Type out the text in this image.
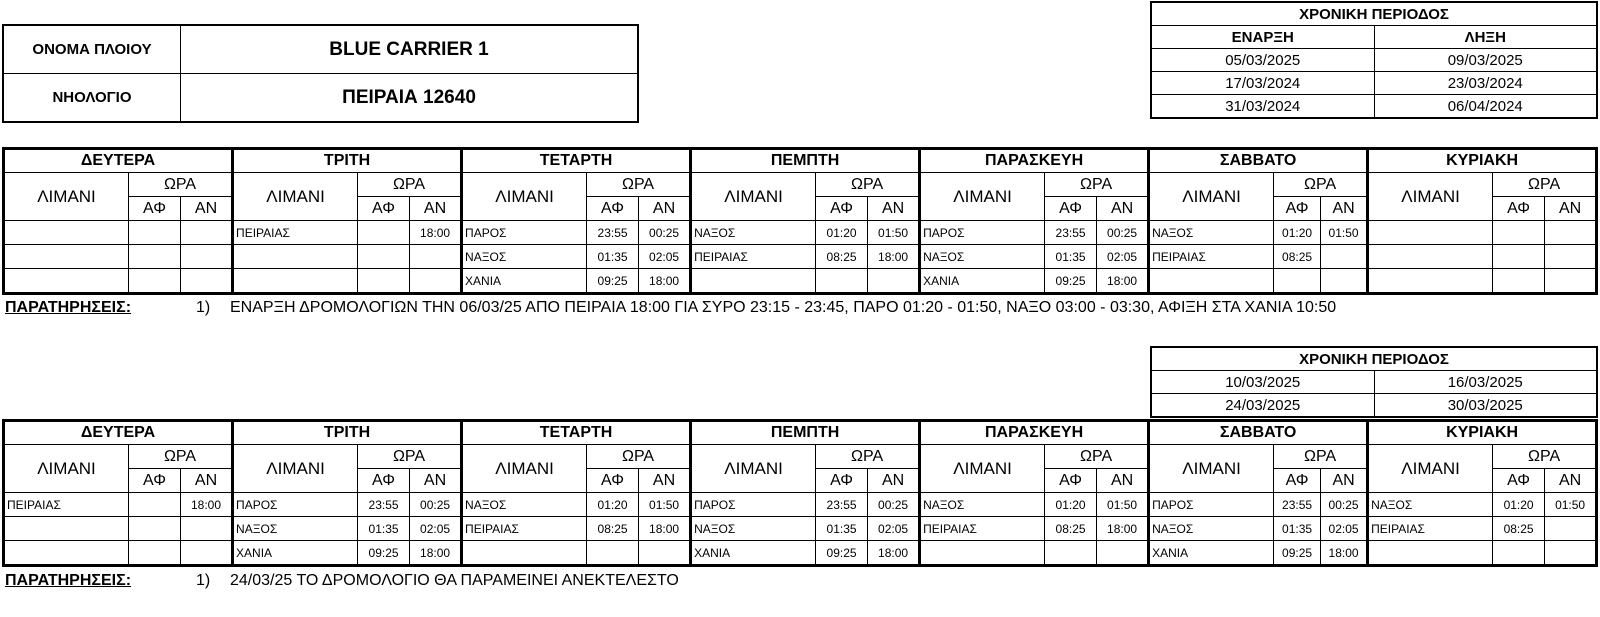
ΟΝΟΜΑ ΠΛΟΙΟΥ	BLUE CARRIER 1
ΝΗΟΛΟΓΙΟ	ΠΕΙΡΑΙΑ 12640
ΧΡΟΝΙΚΗ ΠΕΡΙΟΔΟΣ	
ΕΝΑΡΞΗ	ΛΗΞΗ
05/03/2025	09/03/2025
17/03/2024	23/03/2024
31/03/2024	06/04/2024
ΔΕΥΤΕΡΑ			ΤΡΙΤΗ			ΤΕΤΑΡΤΗ			ΠΕΜΠΤΗ			ΠΑΡΑΣΚΕΥΗ			ΣΑΒΒΑΤΟ			ΚΥΡΙΑΚΗ		
ΛΙΜΑΝΙ	ΩΡΑ		ΛΙΜΑΝΙ	ΩΡΑ		ΛΙΜΑΝΙ	ΩΡΑ		ΛΙΜΑΝΙ	ΩΡΑ		ΛΙΜΑΝΙ	ΩΡΑ		ΛΙΜΑΝΙ	ΩΡΑ		ΛΙΜΑΝΙ	ΩΡΑ	
	ΑΦ	ΑΝ		ΑΦ	ΑΝ		ΑΦ	ΑΝ		ΑΦ	ΑΝ		ΑΦ	ΑΝ		ΑΦ	ΑΝ		ΑΦ	ΑΝ
			ΠΕΙΡΑΙΑΣ		18:00	ΠΑΡΟΣ	23:55	00:25	ΝΑΞΟΣ	01:20	01:50	ΠΑΡΟΣ	23:55	00:25	ΝΑΞΟΣ	01:20	01:50			
						ΝΑΞΟΣ	01:35	02:05	ΠΕΙΡΑΙΑΣ	08:25	18:00	ΝΑΞΟΣ	01:35	02:05	ΠΕΙΡΑΙΑΣ	08:25				
						ΧΑΝΙΑ	09:25	18:00				ΧΑΝΙΑ	09:25	18:00						
ΠΑΡΑΤΗΡΗΣΕΙΣ:	1) ΕΝΑΡΞΗ ΔΡΟΜΟΛΟΓΙΩΝ ΤΗΝ 06/03/25 ΑΠΟ ΠΕΙΡΑΙΑ 18:00 ΓΙΑ ΣΥΡΟ 23:15 - 23:45, ΠΑΡΟ 01:20 - 01:50, ΝΑΞΟ 03:00 - 03:30, ΑΦΙΞΗ ΣΤΑ ΧΑΝΙΑ 10:50
ΧΡΟΝΙΚΗ ΠΕΡΙΟΔΟΣ	
10/03/2025	16/03/2025
24/03/2025	30/03/2025
ΔΕΥΤΕΡΑ			ΤΡΙΤΗ			ΤΕΤΑΡΤΗ			ΠΕΜΠΤΗ			ΠΑΡΑΣΚΕΥΗ			ΣΑΒΒΑΤΟ			ΚΥΡΙΑΚΗ		
ΛΙΜΑΝΙ	ΩΡΑ		ΛΙΜΑΝΙ	ΩΡΑ		ΛΙΜΑΝΙ	ΩΡΑ		ΛΙΜΑΝΙ	ΩΡΑ		ΛΙΜΑΝΙ	ΩΡΑ		ΛΙΜΑΝΙ	ΩΡΑ		ΛΙΜΑΝΙ	ΩΡΑ	
	ΑΦ	ΑΝ		ΑΦ	ΑΝ		ΑΦ	ΑΝ		ΑΦ	ΑΝ		ΑΦ	ΑΝ		ΑΦ	ΑΝ		ΑΦ	ΑΝ
ΠΕΙΡΑΙΑΣ		18:00	ΠΑΡΟΣ	23:55	00:25	ΝΑΞΟΣ	01:20	01:50	ΠΑΡΟΣ	23:55	00:25	ΝΑΞΟΣ	01:20	01:50	ΠΑΡΟΣ	23:55	00:25	ΝΑΞΟΣ	01:20	01:50
			ΝΑΞΟΣ	01:35	02:05	ΠΕΙΡΑΙΑΣ	08:25	18:00	ΝΑΞΟΣ	01:35	02:05	ΠΕΙΡΑΙΑΣ	08:25	18:00	ΝΑΞΟΣ	01:35	02:05	ΠΕΙΡΑΙΑΣ	08:25	
			ΧΑΝΙΑ	09:25	18:00				ΧΑΝΙΑ	09:25	18:00				ΧΑΝΙΑ	09:25	18:00			
ΠΑΡΑΤΗΡΗΣΕΙΣ:	1) 24/03/25 ΤΟ ΔΡΟΜΟΛΟΓΙΟ ΘΑ ΠΑΡΑΜΕΙΝΕΙ ΑΝΕΚΤΕΛΕΣΤΟ
